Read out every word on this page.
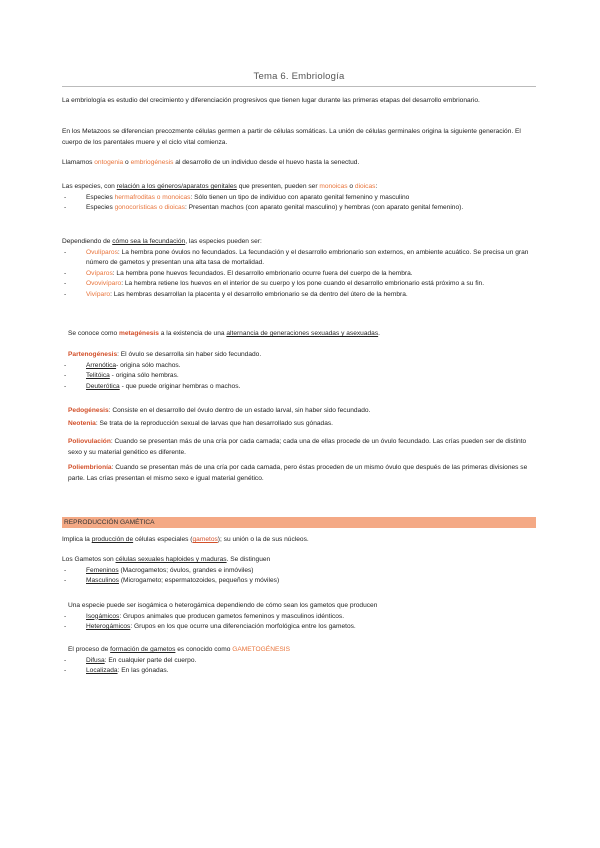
Tema 6. Embriología

La embriología es estudio del crecimiento y diferenciación progresivos que tienen lugar durante las primeras etapas del desarrollo embrionario.

En los Metazoos se diferencian precozmente células germen a partir de células somáticas. La unión de células germinales origina la siguiente generación. El cuerpo de los parentales muere y el ciclo vital comienza.

Llamamos ontogenia o embriogénesis al desarrollo de un individuo desde el huevo hasta la senectud.

Las especies, con relación a los géneros/aparatos genitales que presenten, pueden ser monoicas o dioicas:

- Especies hermafroditas o monoicas: Sólo tienen un tipo de individuo con aparato genital femenino y masculino
- Especies gonocorísticas o dioicas: Presentan machos (con aparato genital masculino) y hembras (con aparato genital femenino).

Dependiendo de cómo sea la fecundación, las especies pueden ser:

- Ovulíparos: La hembra pone óvulos no fecundados. La fecundación y el desarrollo embrionario son externos, en ambiente acuático. Se precisa un gran número de gametos y presentan una alta tasa de mortalidad.
- Ovíparos: La hembra pone huevos fecundados. El desarrollo embrionario ocurre fuera del cuerpo de la hembra.
- Ovovivíparo: La hembra retiene los huevos en el interior de su cuerpo y los pone cuando el desarrollo embrionario está próximo a su fin.
- Vivíparo: Las hembras desarrollan la placenta y el desarrollo embrionario se da dentro del útero de la hembra.

Se conoce como metagénesis a la existencia de una alternancia de generaciones sexuadas y asexuadas.

Partenogénesis: El óvulo se desarrolla sin haber sido fecundado.

- Arrenótica- origina sólo machos.
- Telitóica - origina sólo hembras.
- Deuterótica - que puede originar hembras o machos.

Pedogénesis: Consiste en el desarrollo del óvulo dentro de un estado larval, sin haber sido fecundado.

Neotenia: Se trata de la reproducción sexual de larvas que han desarrollado sus gónadas.

Poliovulación: Cuando se presentan más de una cría por cada camada; cada una de ellas procede de un óvulo fecundado. Las crías pueden ser de distinto sexo y su material genético es diferente.

Poliembrionía: Cuando se presentan más de una cría por cada camada, pero éstas proceden de un mismo óvulo que después de las primeras divisiones se parte. Las crías presentan el mismo sexo e igual material genético.

REPRODUCCIÓN GAMÉTICA

Implica la producción de células especiales (gametos); su unión o la de sus núcleos.

Los Gametos son células sexuales haploides y maduras. Se distinguen

- Femeninos (Macrogametos; óvulos, grandes e inmóviles)
- Masculinos (Microgameto; espermatozoides, pequeños y móviles)

Una especie puede ser isogámica o heterogámica dependiendo de cómo sean los gametos que producen

- Isogámicos: Grupos animales que producen gametos femeninos y masculinos idénticos.
- Heterogámicos: Grupos en los que ocurre una diferenciación morfológica entre los gametos.

El proceso de formación de gametos es conocido como GAMETOGÉNESIS

- Difusa: En cualquier parte del cuerpo.
- Localizada: En las gónadas.
